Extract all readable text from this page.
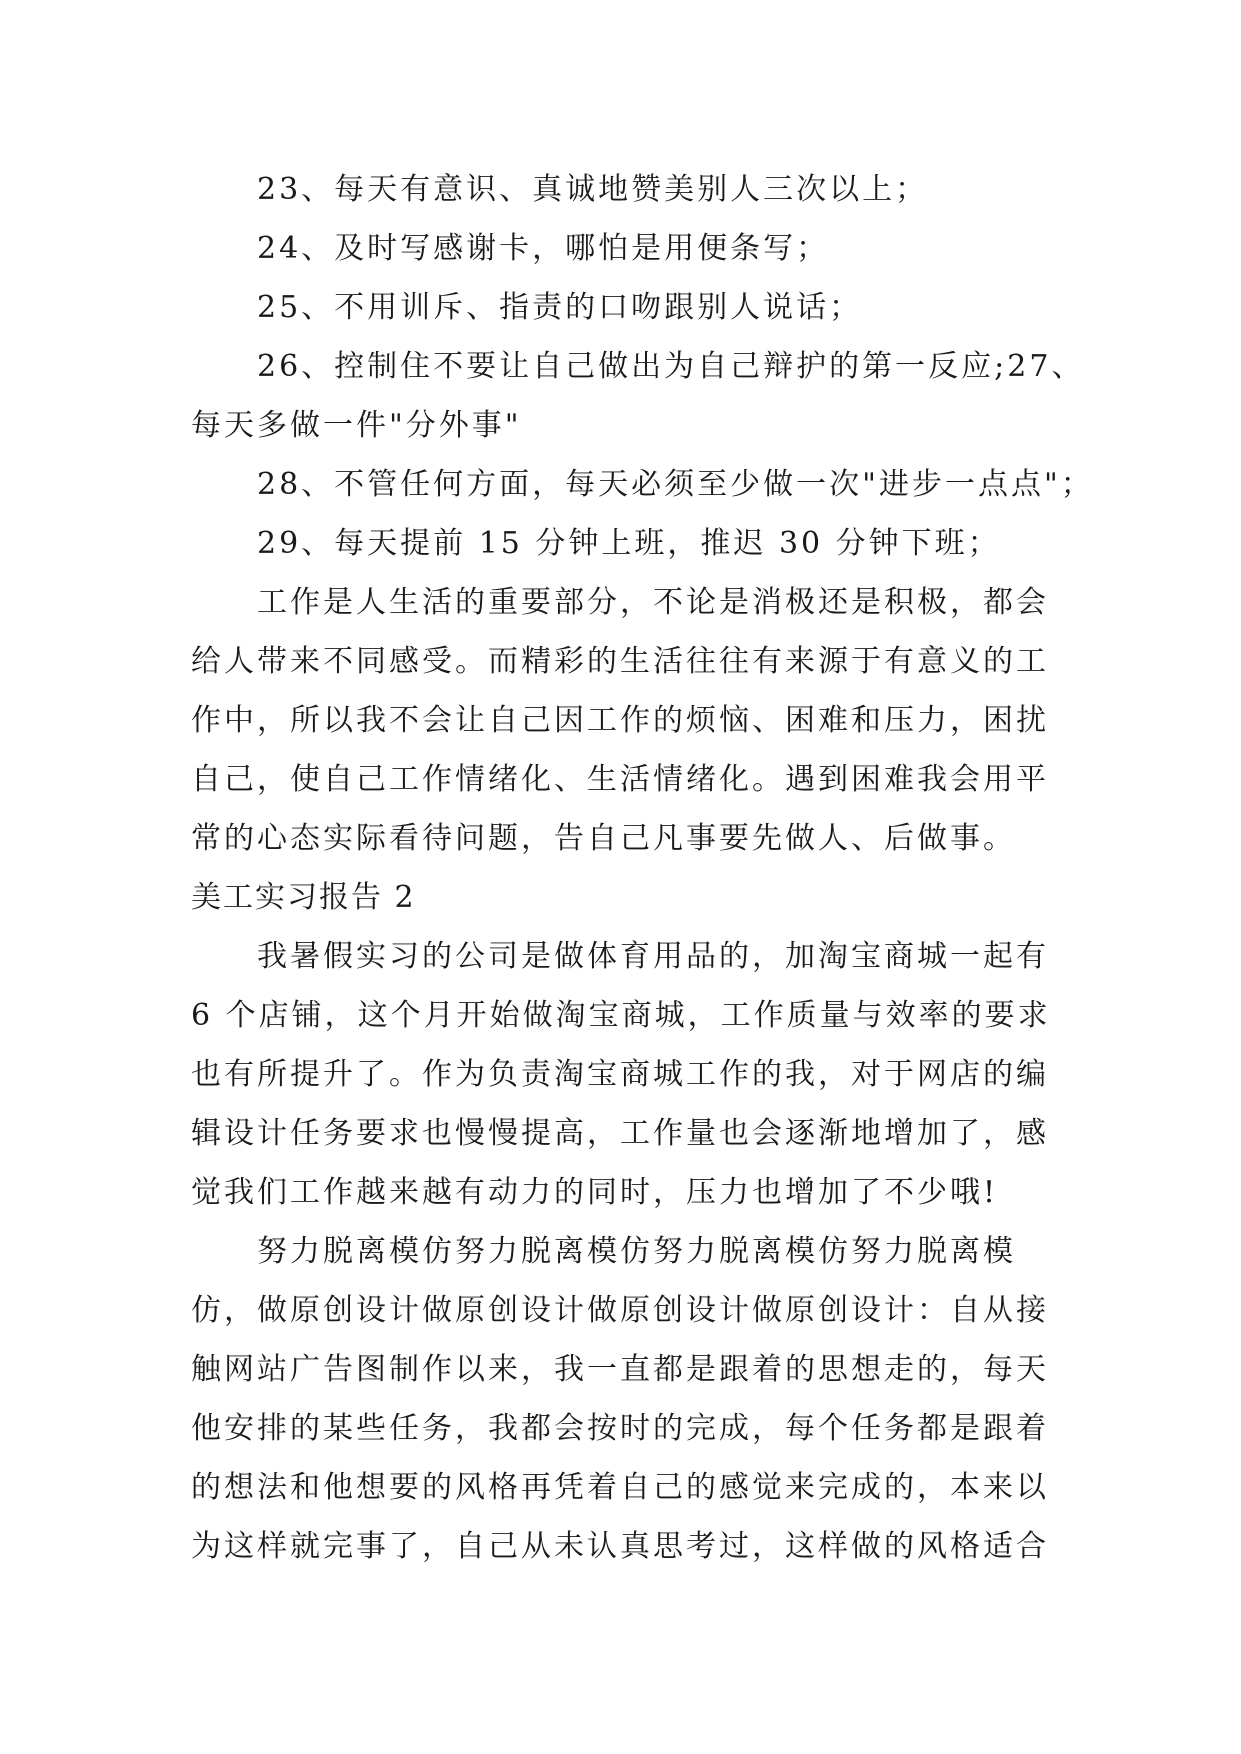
23、每天有意识、真诚地赞美别人三次以上；

24、及时写感谢卡，哪怕是用便条写；

25、不用训斥、指责的口吻跟别人说话；

26、控制住不要让自己做出为自己辩护的第一反应;27、

每天多做一件"分外事"

28、不管任何方面，每天必须至少做一次"进步一点点"；

29、每天提前 15 分钟上班，推迟 30 分钟下班；

工作是人生活的重要部分，不论是消极还是积极，都会

给人带来不同感受。而精彩的生活往往有来源于有意义的工

作中，所以我不会让自己因工作的烦恼、困难和压力，困扰

自己，使自己工作情绪化、生活情绪化。遇到困难我会用平

常的心态实际看待问题，告自己凡事要先做人、后做事。

美工实习报告 2

我暑假实习的公司是做体育用品的，加淘宝商城一起有

6 个店铺，这个月开始做淘宝商城，工作质量与效率的要求

也有所提升了。作为负责淘宝商城工作的我，对于网店的编

辑设计任务要求也慢慢提高，工作量也会逐渐地增加了，感

觉我们工作越来越有动力的同时，压力也增加了不少哦!

努力脱离模仿努力脱离模仿努力脱离模仿努力脱离模

仿，做原创设计做原创设计做原创设计做原创设计：自从接

触网站广告图制作以来，我一直都是跟着的思想走的，每天

他安排的某些任务，我都会按时的完成，每个任务都是跟着

的想法和他想要的风格再凭着自己的感觉来完成的，本来以

为这样就完事了，自己从未认真思考过，这样做的风格适合
